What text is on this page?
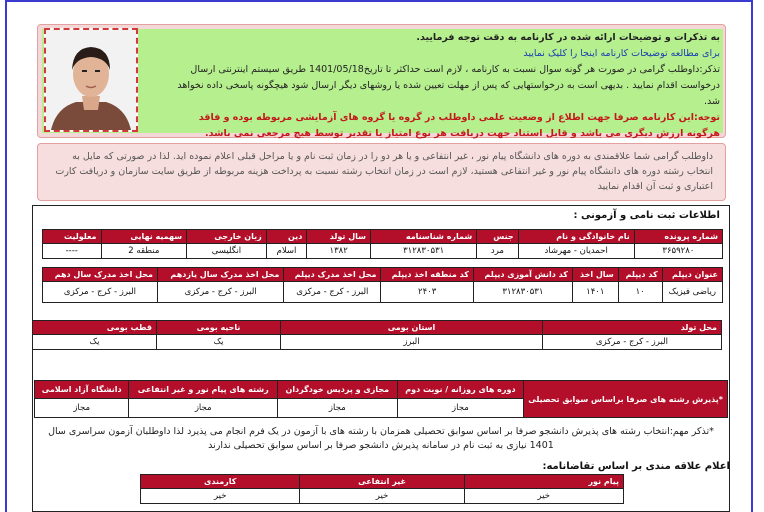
به تذکرات و توضیحات ارائه شده در کارنامه به دقت توجه فرمایید.
برای مطالعه توضیحات کارنامه اینجا را کلیک نمایید
تذکر:داوطلب گرامی در صورت هر گونه سوال نسبت به کارنامه ، لازم است حداکثر تا تاریخ1401/05/18 طریق سیستم اینترنتی ارسال درخواست اقدام نمایید . بدیهی است به درخواستهایی که پس از مهلت تعیین شده یا روشهای دیگر ارسال شود هیچگونه پاسخی داده نخواهد شد.
توجه:این کارنامه صرفا جهت اطلاع از وضعیت علمی داوطلب در گروه یا گروه های آزمایشی مربوطه بوده و فاقد هرگونه ارزش دیگری می باشد و قابل استناد جهت دریافت هر نوع امتیاز یا تقدیر توسط هیچ مرجعی نمی باشد.
داوطلب گرامی شما علاقمندی به دوره های دانشگاه پیام نور ، غیر انتفاعی و یا هر دو را در زمان ثبت نام و یا مراحل قبلی اعلام نموده اید. لذا در صورتی که مایل به انتخاب رشته دوره های دانشگاه پیام نور و غیر انتفاعی هستید، لازم است در زمان انتخاب رشته نسبت به پرداخت هزینه مربوطه از طریق سایت سازمان و دریافت کارت اعتباری و ثبت آن اقدام نمایید
اطلاعات ثبت نامی و آزمونی :
شماره پرونده	نام خانوادگی و نام	جنس	شماره شناسنامه	سال تولد	دین	زبان خارجی	سهمیه نهایی	معلولیت
۳۶۵۹۲۸۰	احمدیان - مهرشاد	مرد	۳۱۲۸۳۰۵۳۱	۱۳۸۲	اسلام	انگلیسی	منطقه 2	----
عنوان دیپلم	کد دیپلم	سال اخذ	کد دانش آموزی دیپلم	کد منطقه اخذ دیپلم	محل اخذ مدرک دیپلم	محل اخذ مدرک سال یازدهم	محل اخذ مدرک سال دهم
ریاضی فیزیک	۱۰	۱۴۰۱	۳۱۲۸۳۰۵۳۱	۲۴۰۳	البرز - کرج - مرکزی	البرز - کرج - مرکزی	البرز - کرج - مرکزی
محل تولد	استان بومی	ناحیه بومی	قطب بومی
البرز - کرج - مرکزی	البرز	یک	یک
*پذیرش رشته های صرفا براساس سوابق تحصیلی	دوره های روزانه / نوبت دوم	مجازی و پردیس خودگردان	رشته های پیام نور و غیر انتفاعی	دانشگاه آزاد اسلامی
	مجاز	مجاز	مجاز	مجاز
*تذکر مهم:انتخاب رشته های پذیرش دانشجو صرفا بر اساس سوابق تحصیلی همزمان با رشته های با آزمون در یک فرم انجام می پذیرد لذا داوطلبان آزمون سراسری سال 1401 نیازی به ثبت نام در سامانه پذیرش دانشجو صرفا بر اساس سوابق تحصیلی ندارند
اعلام علاقه مندی بر اساس تقاضانامه:
پیام نور	غیر انتفاعی	کارمندی
خیر	خیر	خیر
